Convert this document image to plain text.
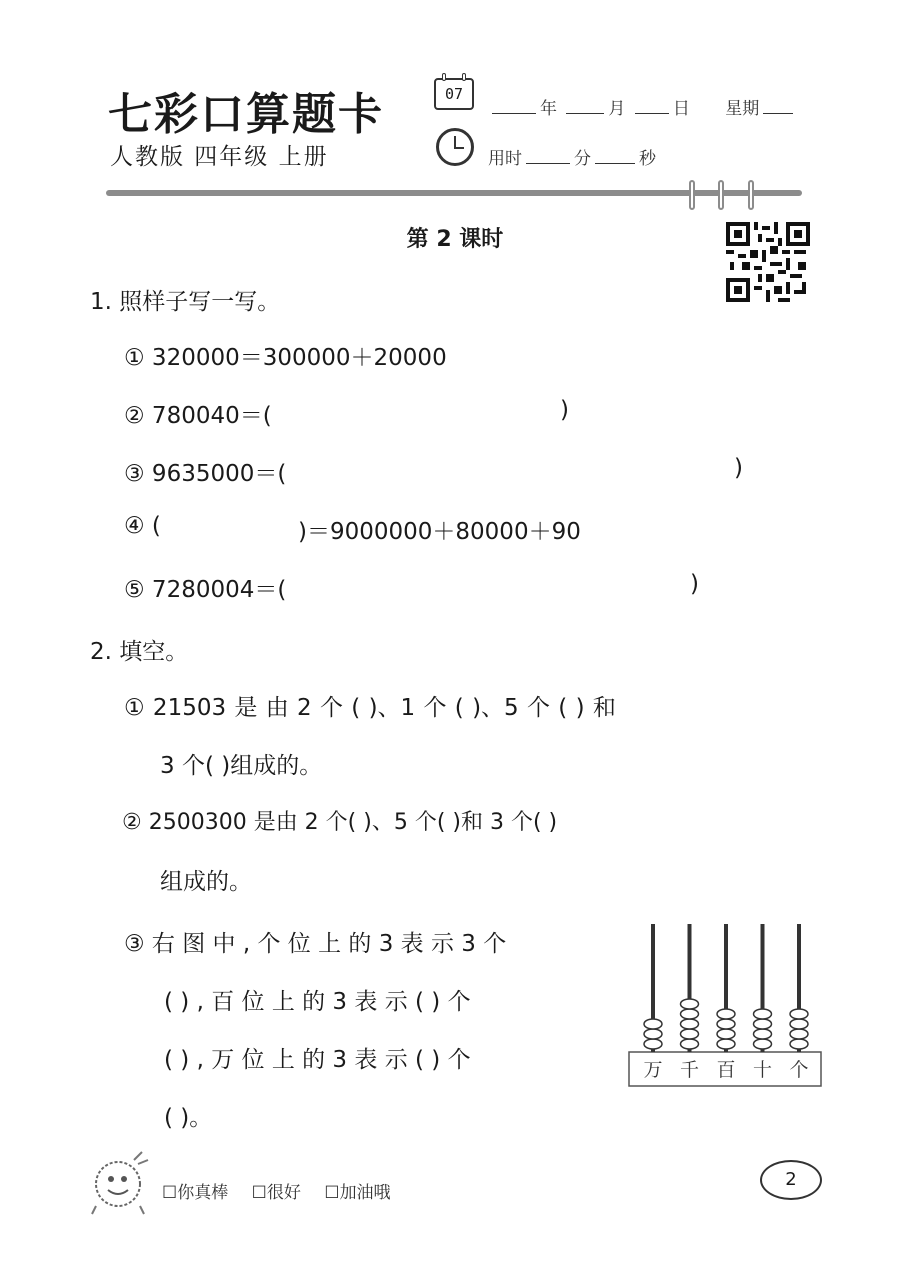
七彩口算题卡
人教版 四年级 上册
07
年	月	日 星期
用时	分	秒
第 2 课时
1. 照样子写一写。
① 320000＝300000＋20000
② 780040＝(	)
③ 9635000＝(	)
④ (	)＝9000000＋80000＋90
⑤ 7280004＝(	)
2. 填空。
① 21503 是 由 2 个 ( )、1 个 ( )、5 个 ( ) 和
3 个( )组成的。
② 2500300 是由 2 个( )、5 个( )和 3 个( )
组成的。
③ 右 图 中 , 个 位 上 的 3 表 示 3 个
( ) , 百 位 上 的 3 表 示 ( ) 个
( ) , 万 位 上 的 3 表 示 ( ) 个
( )。
万 千 百 十 个
☐你真棒 ☐很好 ☐加油哦
2
